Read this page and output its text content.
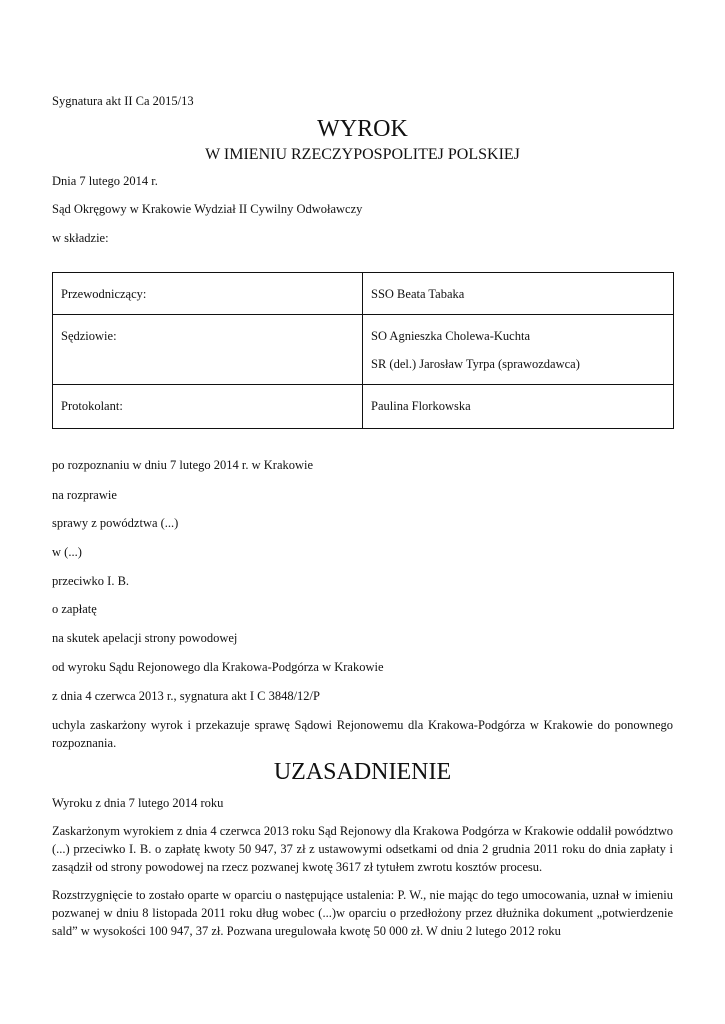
Sygnatura akt II Ca 2015/13
WYROK
W IMIENIU RZECZYPOSPOLITEJ POLSKIEJ
Dnia 7 lutego 2014 r.
Sąd Okręgowy w Krakowie Wydział II Cywilny Odwoławczy
w składzie:
Przewodniczący:	SSO Beata Tabaka

Sędziowie:	SO Agnieszka Cholewa-Kuchta
SR (del.) Jarosław Tyrpa (sprawozdawca)

Protokolant:	Paulina Florkowska
po rozpoznaniu w dniu 7 lutego 2014 r. w Krakowie
na rozprawie
sprawy z powództwa (...)
w (...)
przeciwko I. B.
o zapłatę
na skutek apelacji strony powodowej
od wyroku Sądu Rejonowego dla Krakowa-Podgórza w Krakowie
z dnia 4 czerwca 2013 r., sygnatura akt I C 3848/12/P
uchyla zaskarżony wyrok i przekazuje sprawę Sądowi Rejonowemu dla Krakowa-Podgórza w Krakowie do ponownego rozpoznania.
UZASADNIENIE
Wyroku z dnia 7 lutego 2014 roku
Zaskarżonym wyrokiem z dnia 4 czerwca 2013 roku Sąd Rejonowy dla Krakowa Podgórza w Krakowie oddalił powództwo (...) przeciwko I. B. o zapłatę kwoty 50 947, 37 zł z ustawowymi odsetkami od dnia 2 grudnia 2011 roku do dnia zapłaty i zasądził od strony powodowej na rzecz pozwanej kwotę 3617 zł tytułem zwrotu kosztów procesu.
Rozstrzygnięcie to zostało oparte w oparciu o następujące ustalenia: P. W., nie mając do tego umocowania, uznał w imieniu pozwanej w dniu 8 listopada 2011 roku dług wobec (...)w oparciu o przedłożony przez dłużnika dokument „potwierdzenie sald” w wysokości 100 947, 37 zł. Pozwana uregulowała kwotę 50 000 zł. W dniu 2 lutego 2012 roku
